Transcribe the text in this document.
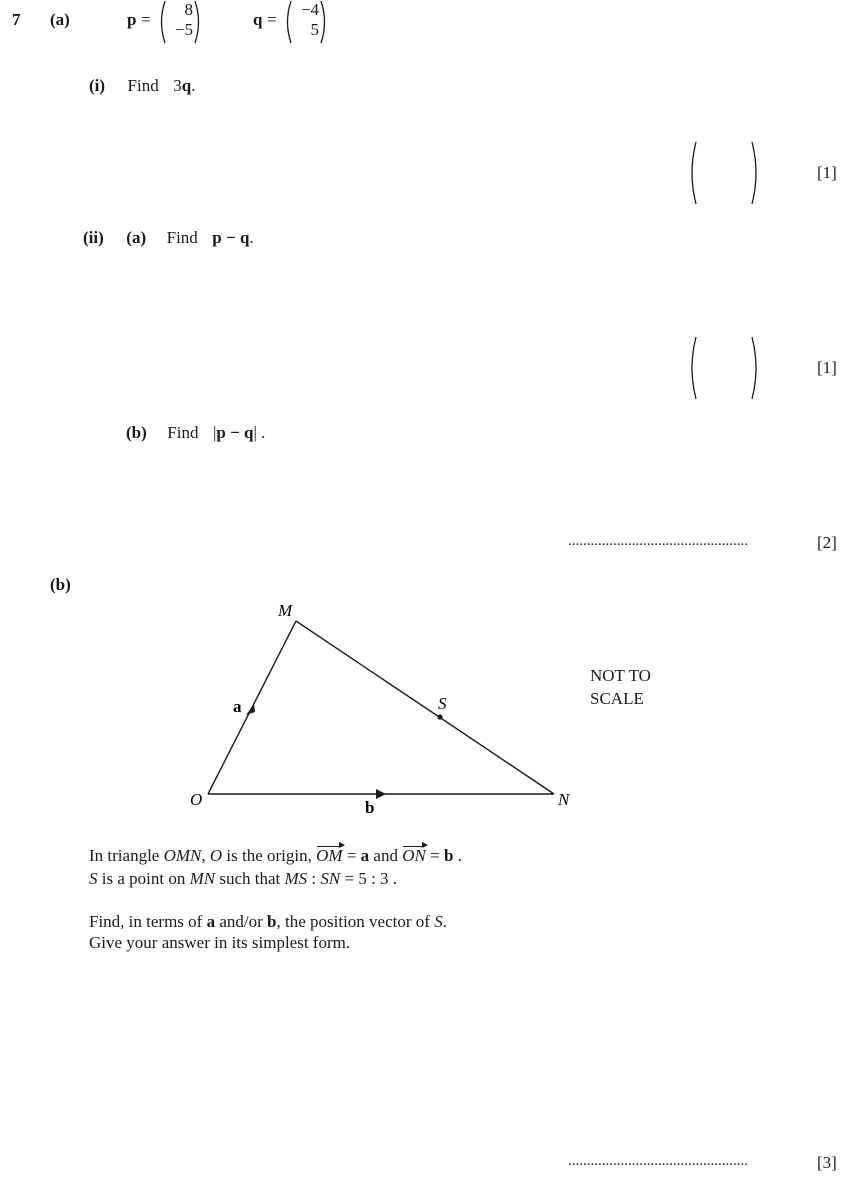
7 (a)	p =
8
−5
q =
−4
5
(i) Find 3q.
[1]
(ii) (a) Find p − q.
[1]
(b) Find |p − q| .
................................................	[2]
(b)
M
O	N
S
a
b
NOT TO
SCALE
In triangle OMN, O is the origin, OM = a and ON = b .
S is a point on MN such that MS : SN = 5 : 3 .
Find, in terms of a and/or b, the position vector of S.
Give your answer in its simplest form.
................................................	[3]
